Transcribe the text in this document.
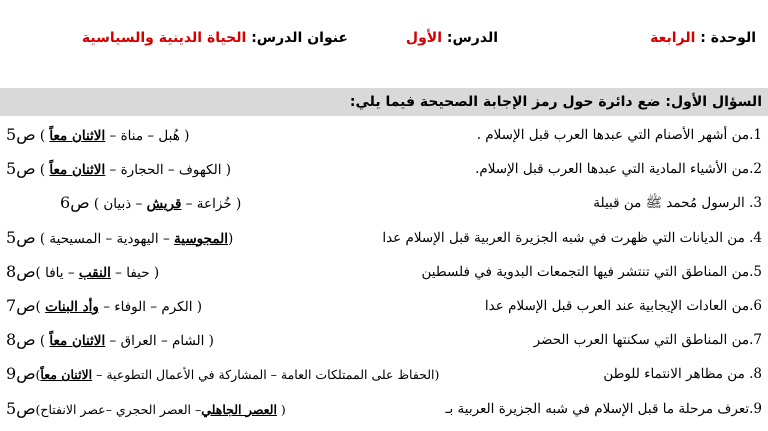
الوحدة : الرابعة
الدرس: الأول
عنوان الدرس: الحياة الدينية والسياسية
السؤال الأول: ضع دائرة حول رمز الإجابة الصحيحة فيما يلي:
1.من أشهر الأصنام التي عبدها العرب قبل الإسلام .
( هُبل – مناة – الاثنان معاً ) ص5
2.من الأشياء المادية التي عبدها العرب قبل الإسلام.
( الكهوف – الحجارة – الاثنان معاً ) ص5
3. الرسول مُحمد ﷺ من قبيلة
( خُزاعة – قريش – ذبيان ) ص6
4. من الديانات التي ظهرت في شبه الجزيرة العربية قبل الإسلام عدا
(المجوسية – اليهودية – المسيحية ) ص5
5.من المناطق التي تنتشر فيها التجمعات البدوية في فلسطين
( حيفا – النقب – يافا )ص8
6.من العادات الإيجابية عند العرب قبل الإسلام عدا
( الكرم – الوفاء – وأد البنات )ص7
7.من المناطق التي سكنتها العرب الحضر
( الشام – العراق – الاثنان معاً ) ص8
8. من مظاهر الانتماء للوطن
(الحفاظ على الممتلكات العامة – المشاركة في الأعمال التطوعية – الاثنان معاً)ص9
9.تعرف مرحلة ما قبل الإسلام في شبه الجزيرة العربية بـ
( العصر الجاهلي– العصر الحجري –عصر الانفتاح)ص5
